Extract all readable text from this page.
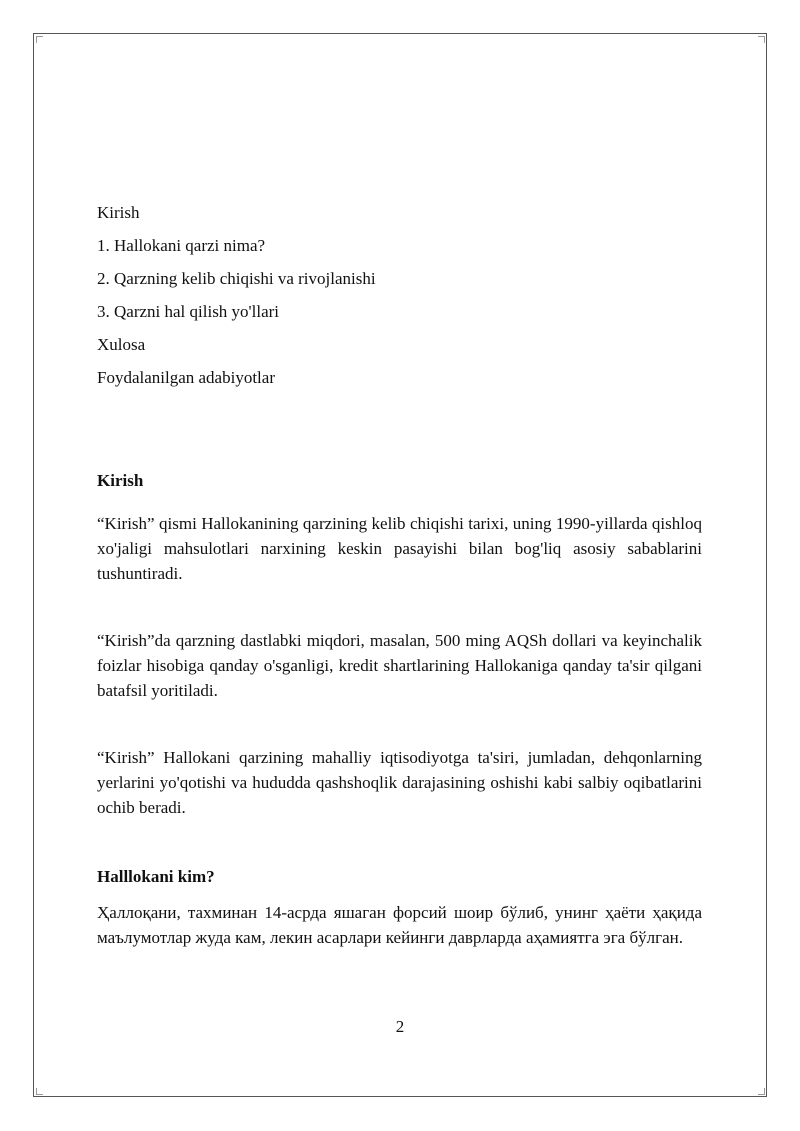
Kirish

1. Hallokani qarzi nima?

2. Qarzning kelib chiqishi va rivojlanishi

3. Qarzni hal qilish yo'llari

Xulosa

Foydalanilgan adabiyotlar

Kirish

“Kirish” qismi Hallokanining qarzining kelib chiqishi tarixi, uning 1990-yillarda qishloq xo'jaligi mahsulotlari narxining keskin pasayishi bilan bog'liq asosiy sabablarini tushuntiradi.

“Kirish”da qarzning dastlabki miqdori, masalan, 500 ming AQSh dollari va keyinchalik foizlar hisobiga qanday o'sganligi, kredit shartlarining Hallokaniga qanday ta'sir qilgani batafsil yoritiladi.

“Kirish” Hallokani qarzining mahalliy iqtisodiyotga ta'siri, jumladan, dehqonlarning yerlarini yo'qotishi va hududda qashshoqlik darajasining oshishi kabi salbiy oqibatlarini ochib beradi.

Halllokani kim?

Ҳаллоқани, тахминан 14-асрда яшаган форсий шоир бўлиб, унинг ҳаёти ҳақида маълумотлар жуда кам, лекин асарлари кейинги даврларда аҳамиятга эга бўлган.

2
